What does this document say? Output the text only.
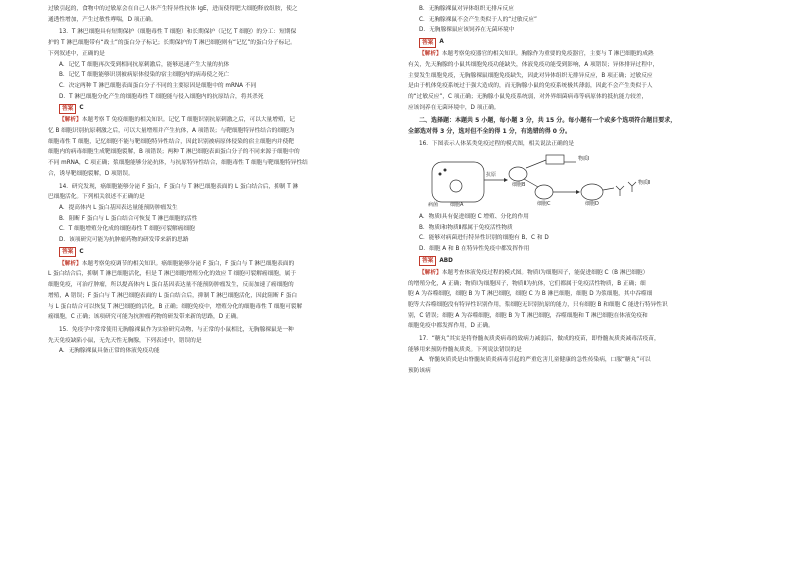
过敏引起的，食物中的过敏原会在自己人体产生特异性抗体 IgE，进而使得肥大细胞释放组胺，使之

通透性增加，产生过敏性哮喘，D 项正确。

13．T 淋巴细胞具有短期保护（细胞毒性 T 细胞）和长期保护（记忆 T 细胞）的分工：短期保

护的 T 淋巴细胞带有“战士”的蛋白分子标记；长期保护的 T 淋巴细胞则有“记忆”的蛋白分子标记。

下列叙述中，正确的是

A．记忆 T 细胞再次受到相同抗原刺激后，能够迅速产生大量的抗体

B．记忆 T 细胞能够识别被病原体侵染的宿主细胞内的病毒使之死亡

C．决定两种 T 淋巴细胞表面蛋白分子不同的主要原因是细胞中的 mRNA 不同

D．T 淋巴细胞分化产生的细胞毒性 T 细胞能与侵入细胞内的抗原结合，将其杀死

答案	C

【解析】本题考察 T 免疫细胞的相关知识。记忆 T 细胞识别抗原刺激之后，可以大量增殖，记

忆 B 细胞识别抗原刺激之后，可以大量增殖并产生抗体，A 项错误；与靶细胞特异性结合的细胞为

细胞毒性 T 细胞，记忆细胞不能与靶细胞特异性结合，因此识别被病原体侵染的宿主细胞内并使靶

细胞内的病毒细胞生成靶细胞裂解，B 项错误；两种 T 淋巴细胞表面蛋白分子的不同来源于细胞中的

不同 mRNA，C 项正确；浆细胞能够分泌抗体，与抗原特异性结合，细胞毒性 T 细胞与靶细胞特异性结

合，诱导靶细胞裂解，D 项错误。

14．研究发现，癌细胞能够分泌 F 蛋白，F 蛋白与 T 淋巴细胞表面的 L 蛋白结合后，抑制 T 淋

巴细胞活化。下列相关叙述不正确的是

A．提高体内 L 蛋白基因表达量能预防肿瘤发生

B．阻断 F 蛋白与 L 蛋白结合可恢复 T 淋巴细胞的活性

C．T 细胞增殖分化成的细胞毒性 T 细胞可裂解癌细胞

D．该项研究可能为抗肿瘤药物的研发带来新的思路

答案	C

【解析】本题考察免疫调节的相关知识。癌细胞能够分泌 F 蛋白，F 蛋白与 T 淋巴细胞表面的

L 蛋白结合后，抑制 T 淋巴细胞活化，但是 T 淋巴细胞增殖分化的效应 T 细胞可裂解癌细胞，属于

细胞免疫，可治疗肿瘤，所以提高体内 L 蛋白基因表达量不能预防肿瘤发生，反而加速了癌细胞的

增殖，A 错误；F 蛋白与 T 淋巴细胞表面的 L 蛋白结合后，抑制 T 淋巴细胞活化，因此阻断 F 蛋白

与 L 蛋白结合可以恢复 T 淋巴细胞的活化，B 正确；细胞免疫中，增殖分化的细胞毒性 T 细胞可裂解

癌细胞，C 正确；该项研究可能为抗肿瘤药物的研发带来新的思路，D 正确。

15．免疫学中常常使用无胸腺裸鼠作为实验研究动物，与正常的小鼠相比，无胸腺裸鼠是一种

先天免疫缺陷小鼠，无先天性无胸腺，下列表述中，错误的是

A．无胸腺裸鼠具备正常的体液免疫功能

B．无胸腺裸鼠对异体组织无排斥反应

C．无胸腺裸鼠不会产生类似于人的“过敏反应”

D．无胸腺裸鼠应该饲养在无菌环境中

答案	A

【解析】本题考察免疫器官的相关知识。胸腺作为重要的免疫器官，主要与 T 淋巴细胞的成熟

有关，先天胸腺的小鼠其细胞免疫功能缺失，体液免疫功能受到影响，A 项错误；异体排异过程中，

主要发生细胞免疫，无胸腺裸鼠细胞免疫缺失，因此对异体组织无排异反应，B 项正确；过敏反应

是由于机体免疫系统过于强大造成的，而无胸腺小鼠的免疫系统极其薄弱，因此不会产生类似于人

的“过敏反应”，C 项正确；无胸腺小鼠免疫系统弱，对外界细菌病毒等病原体的抵抗能力较差，

应该饲养在无菌环境中，D 项正确。

二、选择题：本题共 5 小题，每小题 3 分，共 15 分。每小题有一个或多个选项符合题目要求，

全部选对得 3 分，选对但不全的得 1 分，有选错的得 0 分。

16．下图表示人体某类免疫过程的模式图，相关说法正确的是

病菌 细胞A
抗原
细胞B
物质Ⅰ
细胞C	细胞D
物质Ⅱ

A．物质Ⅰ具有促进细胞 C 增殖、分化的作用

B．物质Ⅰ和物质Ⅱ都属于免疫活性物质

C．能够对病菌进行特异性识别的细胞有 B、C 和 D

D．细胞 A 和 B 在特异性免疫中都发挥作用

答案	ABD

【解析】本题考查体液免疫过程的模式图。物质Ⅰ为细胞因子，能促进细胞 C（B 淋巴细胞）

的增殖分化，A 正确；物质Ⅰ为细胞因子，物质Ⅱ为抗体，它们都属于免疫活性物质，B 正确；细

胞 A 为吞噬细胞，细胞 B 为 T 淋巴细胞，细胞 C 为 B 淋巴细胞，细胞 D 为浆细胞，其中吞噬细

胞等大吞噬细胞没有特异性识别作用，浆细胞无识别抗原的能力，只有细胞 B 和细胞 C 能进行特异性识

别，C 错误；细胞 A 为吞噬细胞，细胞 B 为 T 淋巴细胞，吞噬细胞和 T 淋巴细胞在体液免疫和

细胞免疫中都发挥作用，D 正确。

17．“糖丸”其实是将脊髓灰质炎病毒的致病力减弱后，做成的疫苗，即脊髓灰质炎减毒活疫苗，

能够用来预防脊髓灰质炎。下列说法错误的是

A．脊髓灰质炎是由脊髓灰质炎病毒引起的严重危害儿童健康的急性传染病，口服“糖丸”可以

预防该病
